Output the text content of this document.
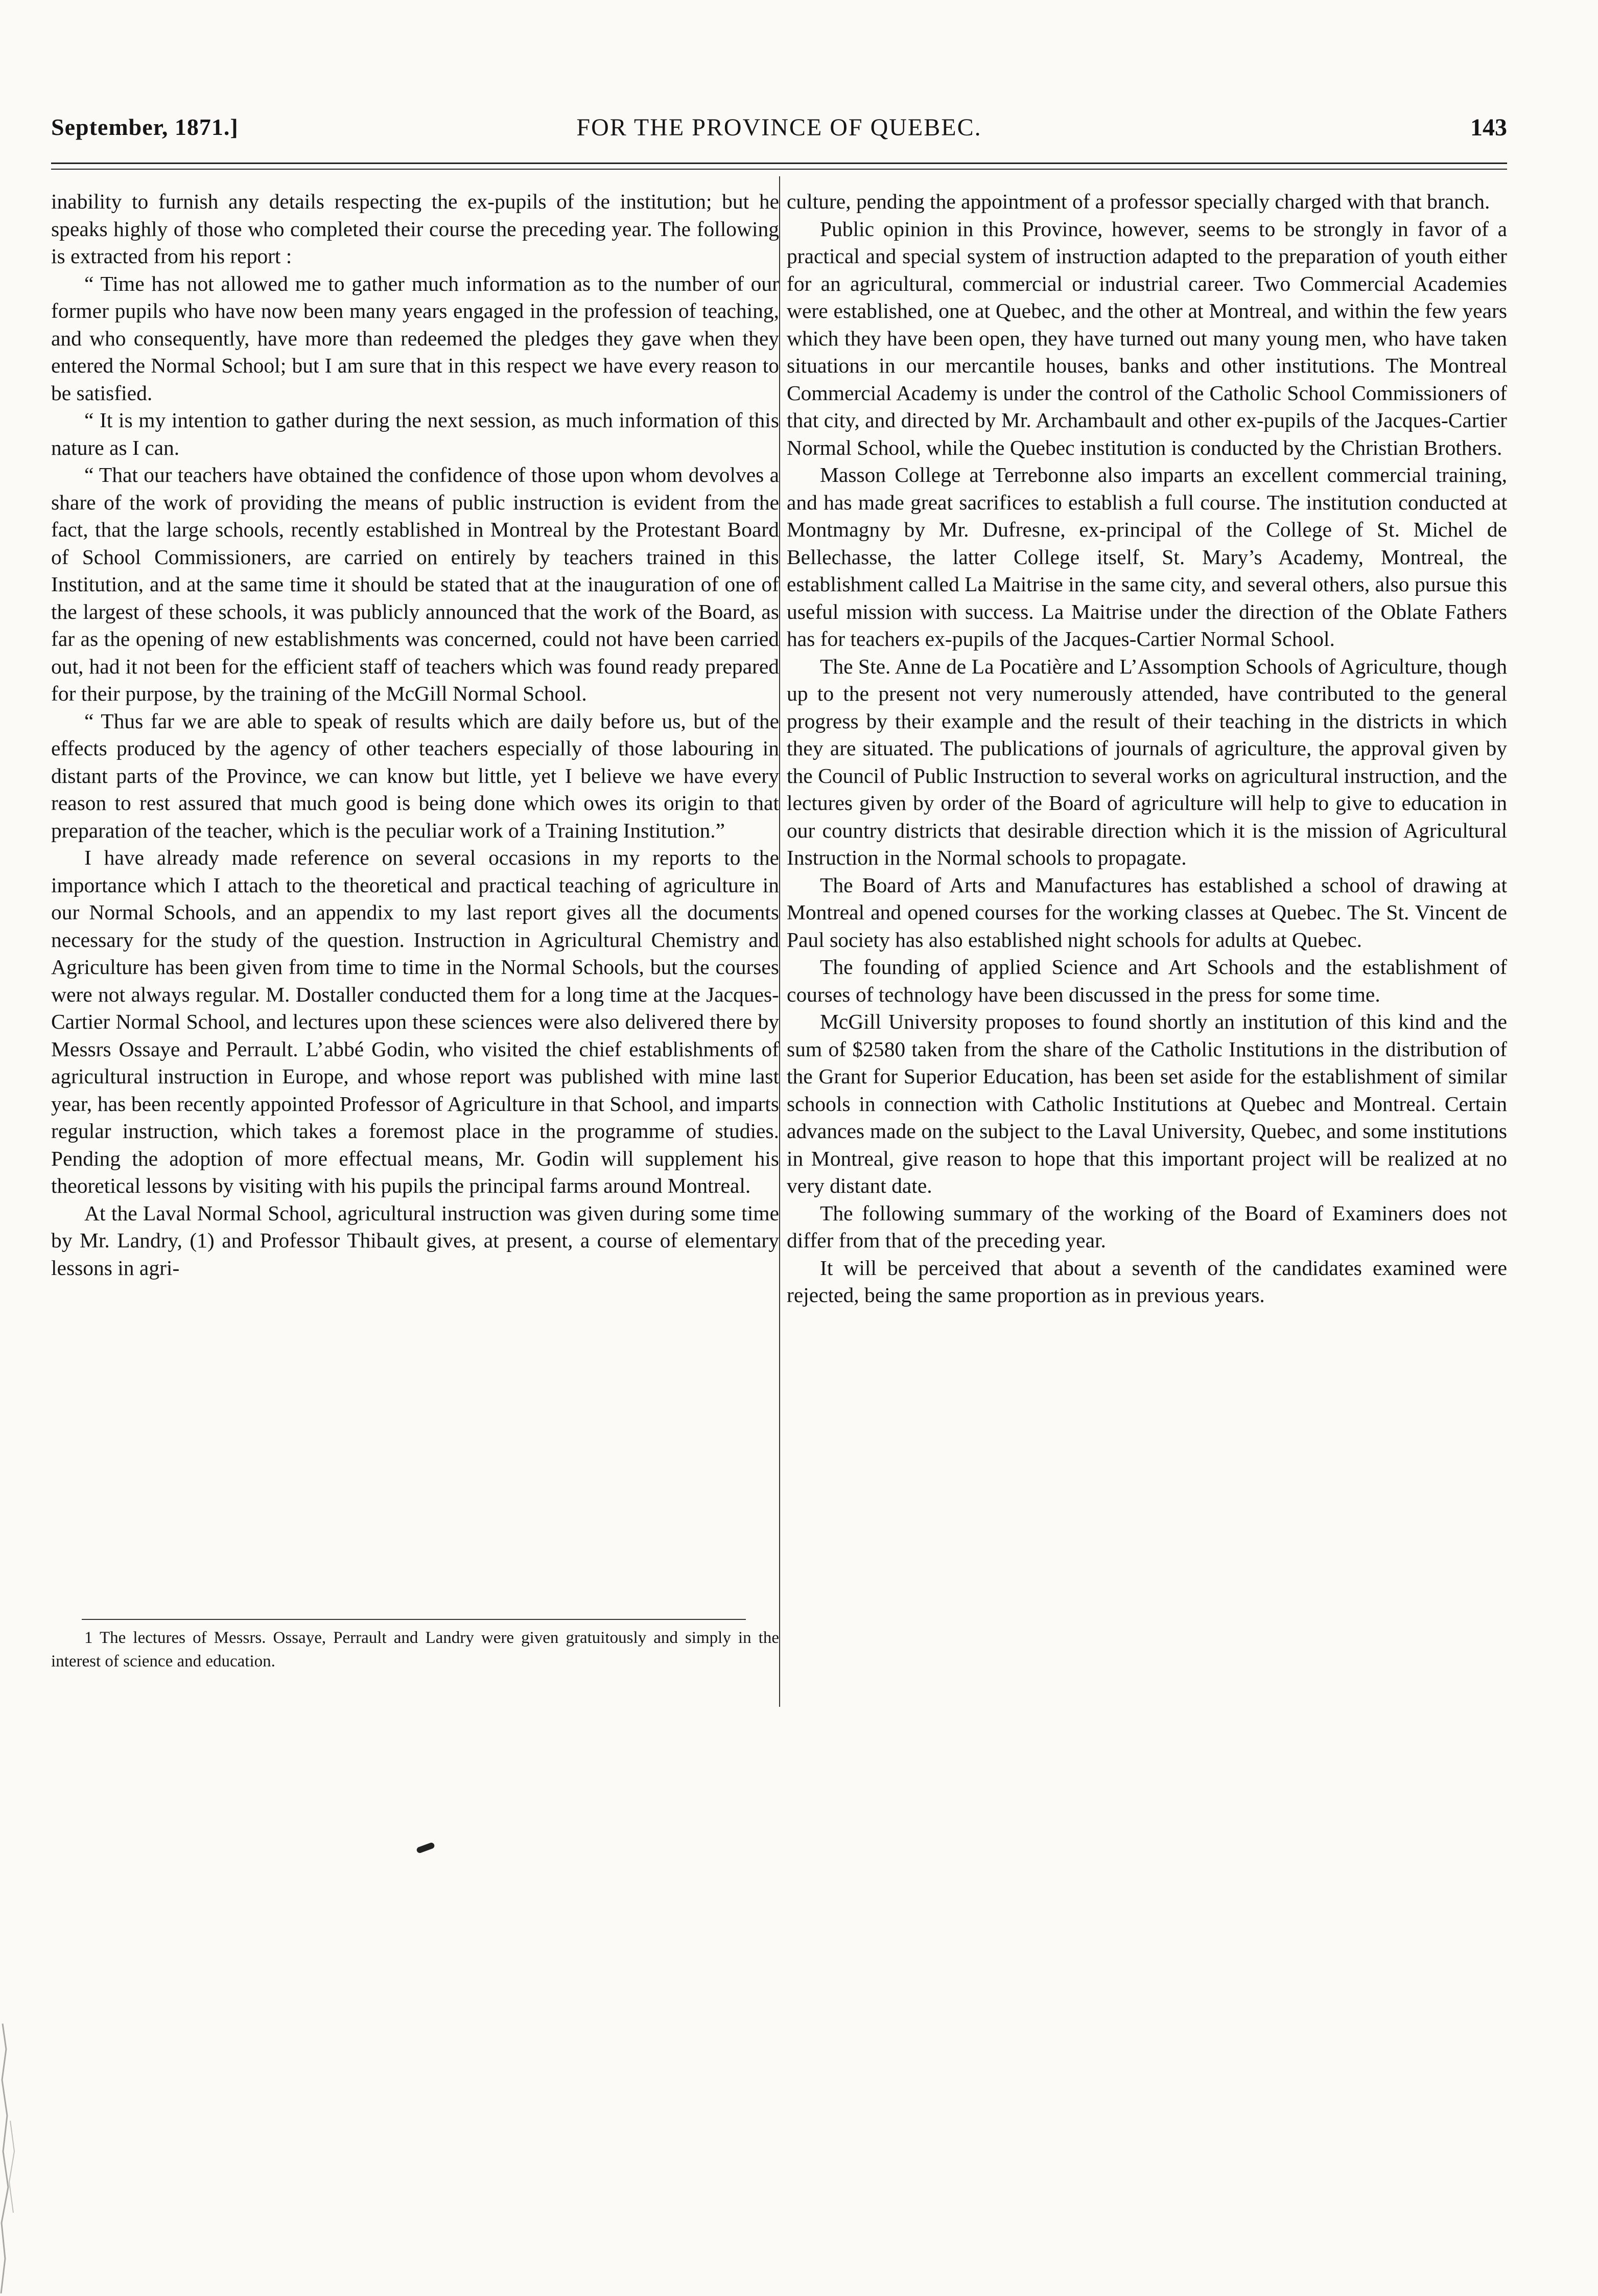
September, 1871.]	FOR THE PROVINCE OF QUEBEC.	143

inability to furnish any details respecting the ex-pupils of the institution; but he speaks highly of those who completed their course the preceding year. The following is extracted from his report :

“ Time has not allowed me to gather much information as to the number of our former pupils who have now been many years engaged in the profession of teaching, and who consequently, have more than redeemed the pledges they gave when they entered the Normal School; but I am sure that in this respect we have every reason to be satisfied.

“ It is my intention to gather during the next session, as much information of this nature as I can.

“ That our teachers have obtained the confidence of those upon whom devolves a share of the work of providing the means of public instruction is evident from the fact, that the large schools, recently established in Montreal by the Protestant Board of School Commissioners, are carried on entirely by teachers trained in this Institution, and at the same time it should be stated that at the inauguration of one of the largest of these schools, it was publicly announced that the work of the Board, as far as the opening of new establishments was concerned, could not have been carried out, had it not been for the efficient staff of teachers which was found ready prepared for their purpose, by the training of the McGill Normal School.

“ Thus far we are able to speak of results which are daily before us, but of the effects produced by the agency of other teachers especially of those labouring in distant parts of the Province, we can know but little, yet I believe we have every reason to rest assured that much good is being done which owes its origin to that preparation of the teacher, which is the peculiar work of a Training Institution.”

I have already made reference on several occasions in my reports to the importance which I attach to the theoretical and practical teaching of agriculture in our Normal Schools, and an appendix to my last report gives all the documents necessary for the study of the question. Instruction in Agricultural Chemistry and Agriculture has been given from time to time in the Normal Schools, but the courses were not always regular. M. Dostaller conducted them for a long time at the Jacques-Cartier Normal School, and lectures upon these sciences were also delivered there by Messrs Ossaye and Perrault. L’abbé Godin, who visited the chief establishments of agricultural instruction in Europe, and whose report was published with mine last year, has been recently appointed Professor of Agriculture in that School, and imparts regular instruction, which takes a foremost place in the programme of studies. Pending the adoption of more effectual means, Mr. Godin will supplement his theoretical lessons by visiting with his pupils the principal farms around Montreal.

At the Laval Normal School, agricultural instruction was given during some time by Mr. Landry, (1) and Professor Thibault gives, at present, a course of elementary lessons in agri-

culture, pending the appointment of a professor specially charged with that branch.

Public opinion in this Province, however, seems to be strongly in favor of a practical and special system of instruction adapted to the preparation of youth either for an agricultural, commercial or industrial career. Two Commercial Academies were established, one at Quebec, and the other at Montreal, and within the few years which they have been open, they have turned out many young men, who have taken situations in our mercantile houses, banks and other institutions. The Montreal Commercial Academy is under the control of the Catholic School Commissioners of that city, and directed by Mr. Archambault and other ex-pupils of the Jacques-Cartier Normal School, while the Quebec institution is conducted by the Christian Brothers.

Masson College at Terrebonne also imparts an excellent commercial training, and has made great sacrifices to establish a full course. The institution conducted at Montmagny by Mr. Dufresne, ex-principal of the College of St. Michel de Bellechasse, the latter College itself, St. Mary’s Academy, Montreal, the establishment called La Maitrise in the same city, and several others, also pursue this useful mission with success. La Maitrise under the direction of the Oblate Fathers has for teachers ex-pupils of the Jacques-Cartier Normal School.

The Ste. Anne de La Pocatière and L’Assomption Schools of Agriculture, though up to the present not very numerously attended, have contributed to the general progress by their example and the result of their teaching in the districts in which they are situated. The publications of journals of agriculture, the approval given by the Council of Public Instruction to several works on agricultural instruction, and the lectures given by order of the Board of agriculture will help to give to education in our country districts that desirable direction which it is the mission of Agricultural Instruction in the Normal schools to propagate.

The Board of Arts and Manufactures has established a school of drawing at Montreal and opened courses for the working classes at Quebec. The St. Vincent de Paul society has also established night schools for adults at Quebec.

The founding of applied Science and Art Schools and the establishment of courses of technology have been discussed in the press for some time.

McGill University proposes to found shortly an institution of this kind and the sum of $2580 taken from the share of the Catholic Institutions in the distribution of the Grant for Superior Education, has been set aside for the establishment of similar schools in connection with Catholic Institutions at Quebec and Montreal. Certain advances made on the subject to the Laval University, Quebec, and some institutions in Montreal, give reason to hope that this important project will be realized at no very distant date.

The following summary of the working of the Board of Examiners does not differ from that of the preceding year.

It will be perceived that about a seventh of the candidates examined were rejected, being the same proportion as in previous years.

1 The lectures of Messrs. Ossaye, Perrault and Landry were given gratuitously and simply in the interest of science and education.
